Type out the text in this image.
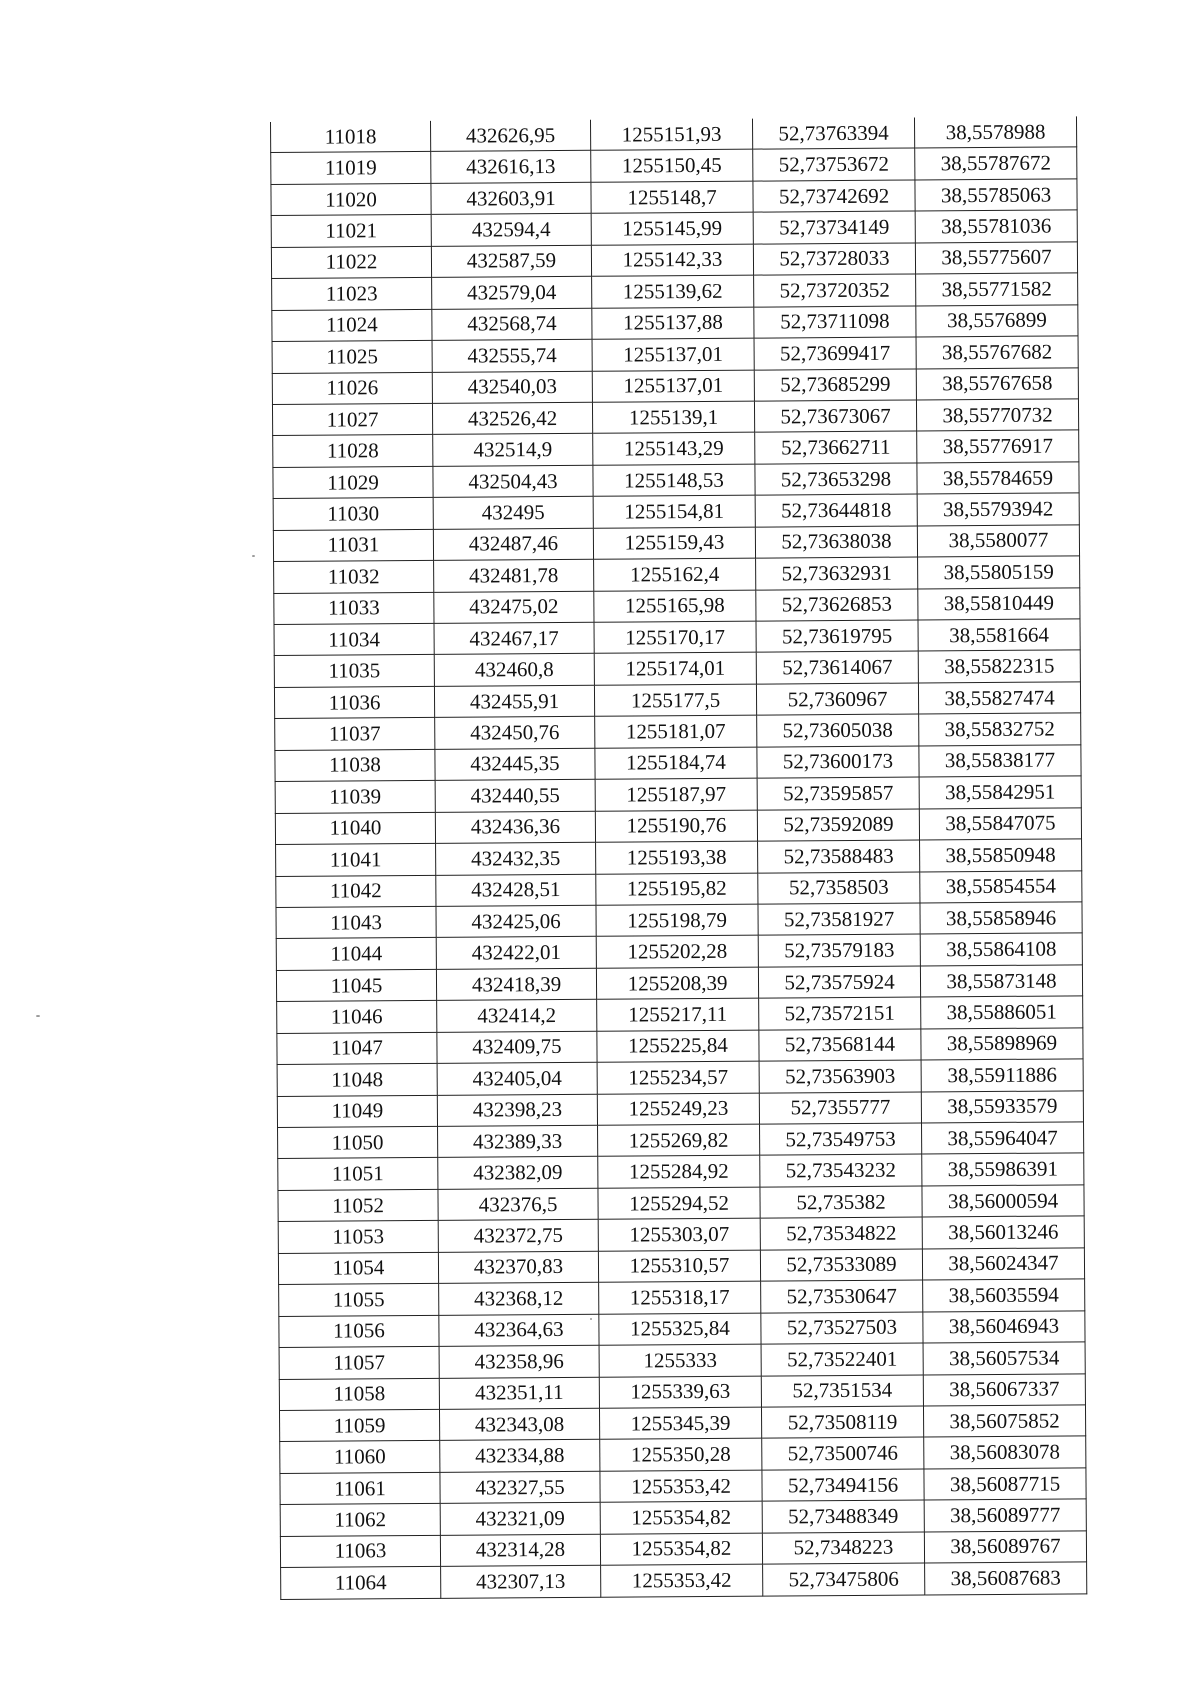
11018	432626,95	1255151,93	52,73763394	38,5578988
11019	432616,13	1255150,45	52,73753672	38,55787672
11020	432603,91	1255148,7	52,73742692	38,55785063
11021	432594,4	1255145,99	52,73734149	38,55781036
11022	432587,59	1255142,33	52,73728033	38,55775607
11023	432579,04	1255139,62	52,73720352	38,55771582
11024	432568,74	1255137,88	52,73711098	38,5576899
11025	432555,74	1255137,01	52,73699417	38,55767682
11026	432540,03	1255137,01	52,73685299	38,55767658
11027	432526,42	1255139,1	52,73673067	38,55770732
11028	432514,9	1255143,29	52,73662711	38,55776917
11029	432504,43	1255148,53	52,73653298	38,55784659
11030	432495	1255154,81	52,73644818	38,55793942
11031	432487,46	1255159,43	52,73638038	38,5580077
11032	432481,78	1255162,4	52,73632931	38,55805159
11033	432475,02	1255165,98	52,73626853	38,55810449
11034	432467,17	1255170,17	52,73619795	38,5581664
11035	432460,8	1255174,01	52,73614067	38,55822315
11036	432455,91	1255177,5	52,7360967	38,55827474
11037	432450,76	1255181,07	52,73605038	38,55832752
11038	432445,35	1255184,74	52,73600173	38,55838177
11039	432440,55	1255187,97	52,73595857	38,55842951
11040	432436,36	1255190,76	52,73592089	38,55847075
11041	432432,35	1255193,38	52,73588483	38,55850948
11042	432428,51	1255195,82	52,7358503	38,55854554
11043	432425,06	1255198,79	52,73581927	38,55858946
11044	432422,01	1255202,28	52,73579183	38,55864108
11045	432418,39	1255208,39	52,73575924	38,55873148
11046	432414,2	1255217,11	52,73572151	38,55886051
11047	432409,75	1255225,84	52,73568144	38,55898969
11048	432405,04	1255234,57	52,73563903	38,55911886
11049	432398,23	1255249,23	52,7355777	38,55933579
11050	432389,33	1255269,82	52,73549753	38,55964047
11051	432382,09	1255284,92	52,73543232	38,55986391
11052	432376,5	1255294,52	52,735382	38,56000594
11053	432372,75	1255303,07	52,73534822	38,56013246
11054	432370,83	1255310,57	52,73533089	38,56024347
11055	432368,12	1255318,17	52,73530647	38,56035594
11056	432364,63	1255325,84	52,73527503	38,56046943
11057	432358,96	1255333	52,73522401	38,56057534
11058	432351,11	1255339,63	52,7351534	38,56067337
11059	432343,08	1255345,39	52,73508119	38,56075852
11060	432334,88	1255350,28	52,73500746	38,56083078
11061	432327,55	1255353,42	52,73494156	38,56087715
11062	432321,09	1255354,82	52,73488349	38,56089777
11063	432314,28	1255354,82	52,7348223	38,56089767
11064	432307,13	1255353,42	52,73475806	38,56087683
